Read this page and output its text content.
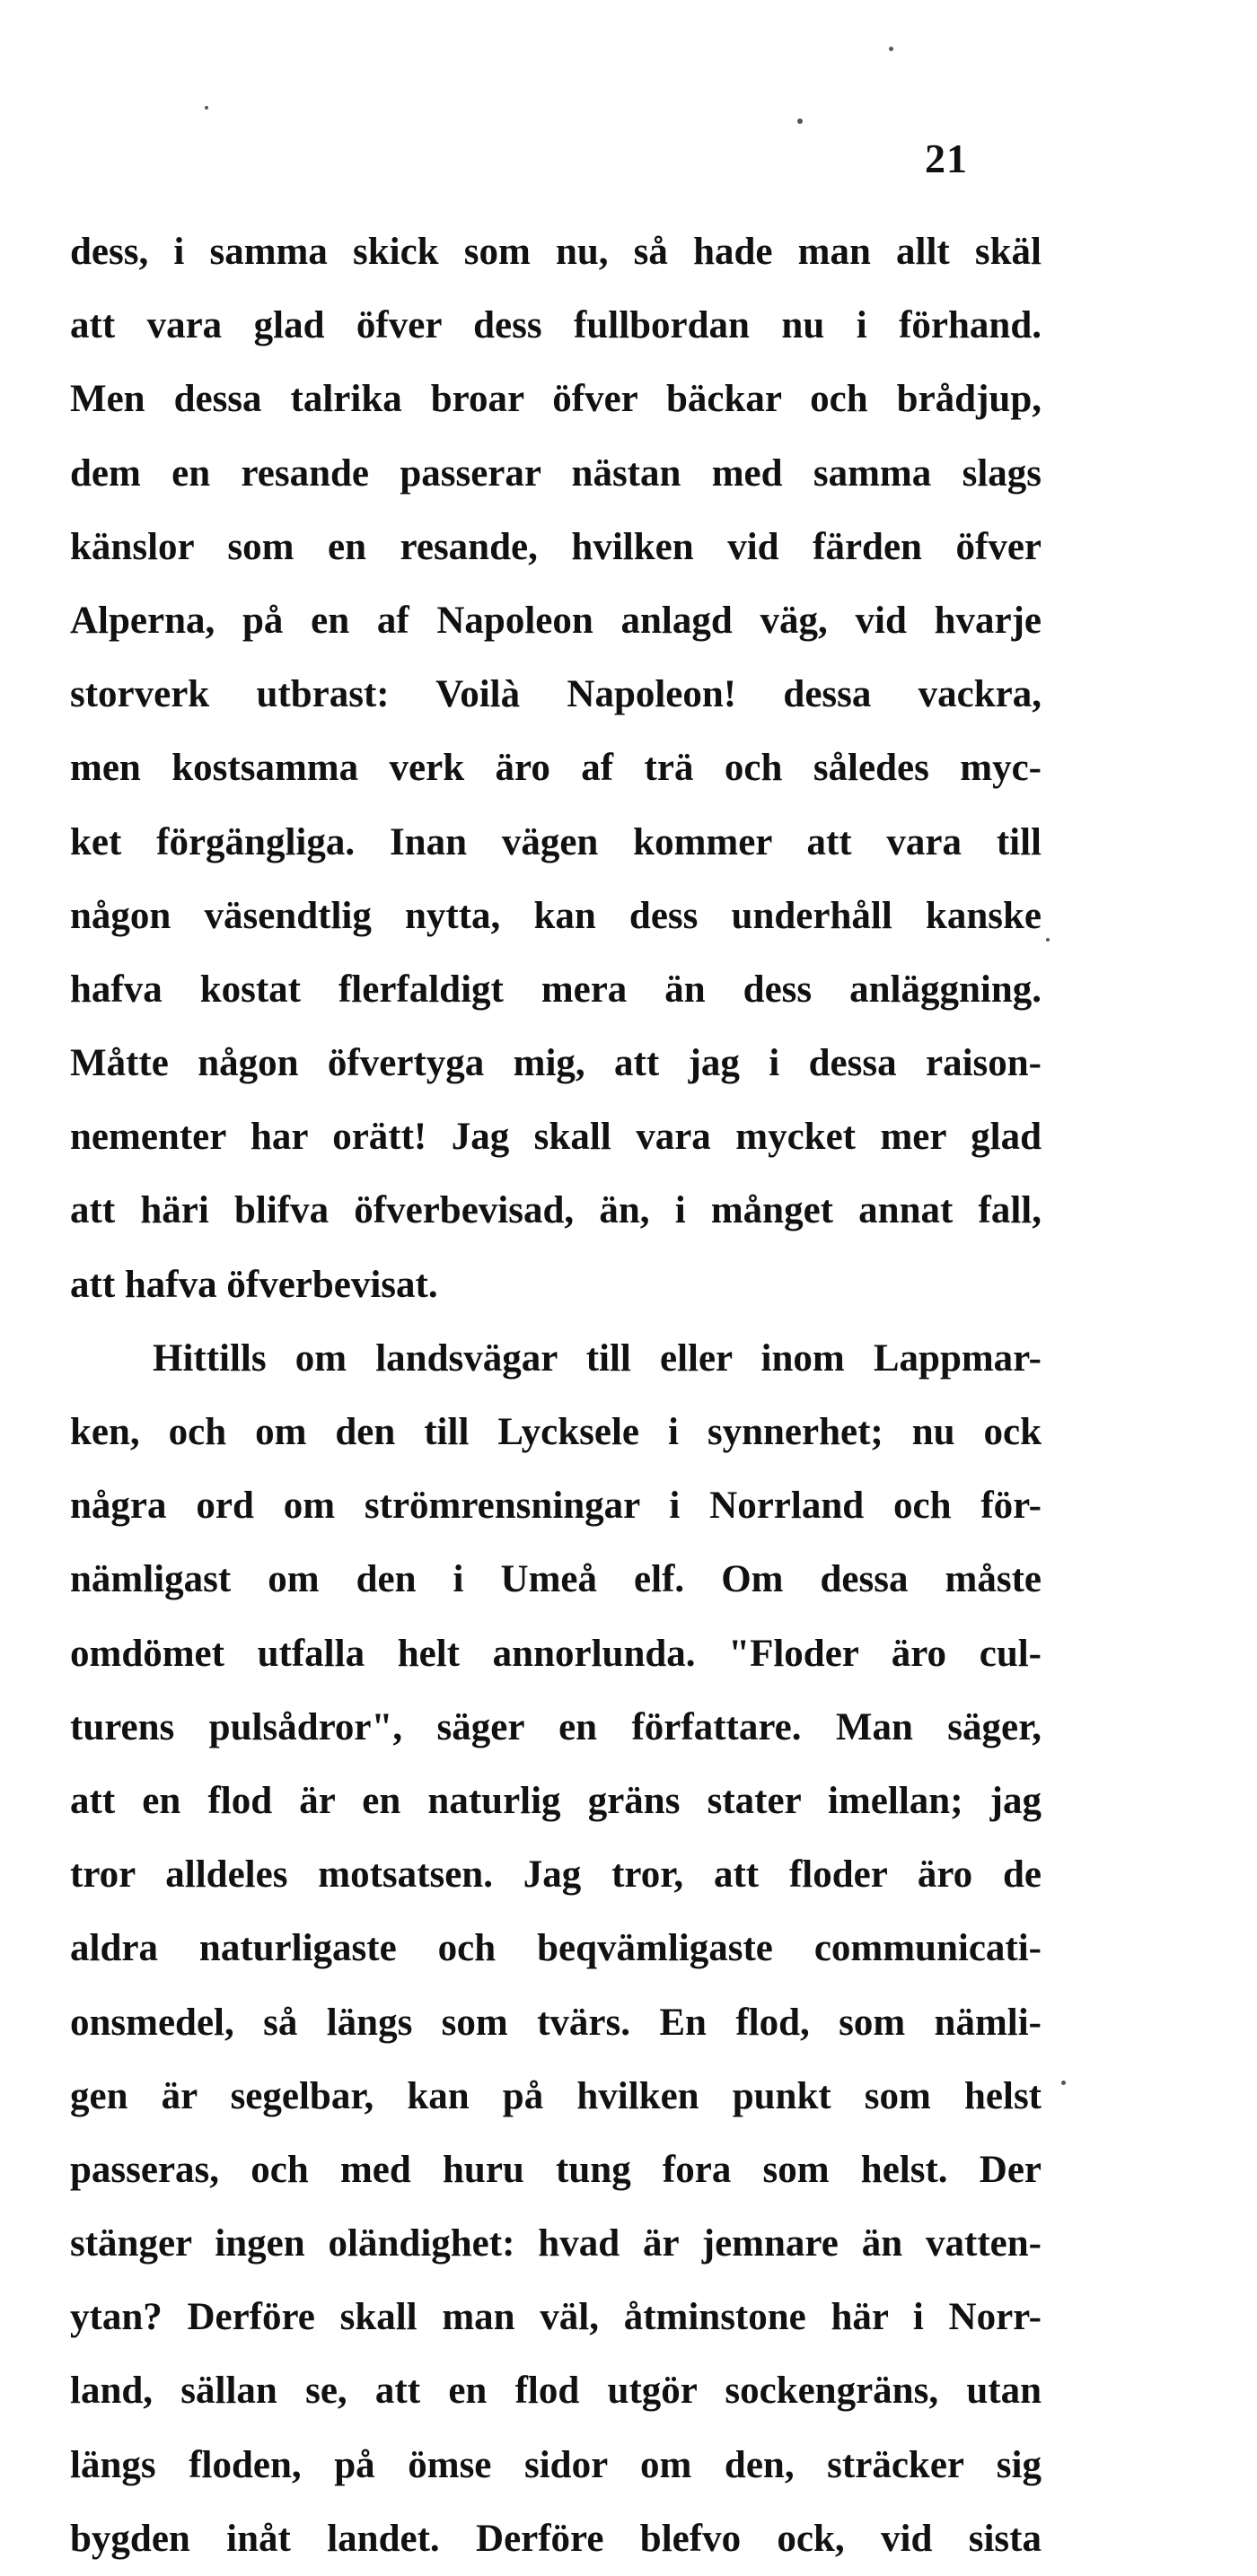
21
dess, i samma skick som nu, så hade man allt skäl
att vara glad öfver dess fullbordan nu i förhand.
Men dessa talrika broar öfver bäckar och brådjup,
dem en resande passerar nästan med samma slags
känslor som en resande, hvilken vid färden öfver
Alperna, på en af Napoleon anlagd väg, vid hvarje
storverk utbrast: Voilà Napoleon! dessa vackra,
men kostsamma verk äro af trä och således myc-
ket förgängliga. Inan vägen kommer att vara till
någon väsendtlig nytta, kan dess underhåll kanske
hafva kostat flerfaldigt mera än dess anläggning.
Måtte någon öfvertyga mig, att jag i dessa raison-
nementer har orätt! Jag skall vara mycket mer glad
att häri blifva öfverbevisad, än, i månget annat fall,
att hafva öfverbevisat.
Hittills om landsvägar till eller inom Lappmar-
ken, och om den till Lycksele i synnerhet; nu ock
några ord om strömrensningar i Norrland och för-
nämligast om den i Umeå elf. Om dessa måste
omdömet utfalla helt annorlunda. "Floder äro cul-
turens pulsådror", säger en författare. Man säger,
att en flod är en naturlig gräns stater imellan; jag
tror alldeles motsatsen. Jag tror, att floder äro de
aldra naturligaste och beqvämligaste communicati-
onsmedel, så längs som tvärs. En flod, som nämli-
gen är segelbar, kan på hvilken punkt som helst
passeras, och med huru tung fora som helst. Der
stänger ingen oländighet: hvad är jemnare än vatten-
ytan? Derföre skall man väl, åtminstone här i Norr-
land, sällan se, att en flod utgör sockengräns, utan
längs floden, på ömse sidor om den, sträcker sig
bygden inåt landet. Derföre blefvo ock, vid sista
